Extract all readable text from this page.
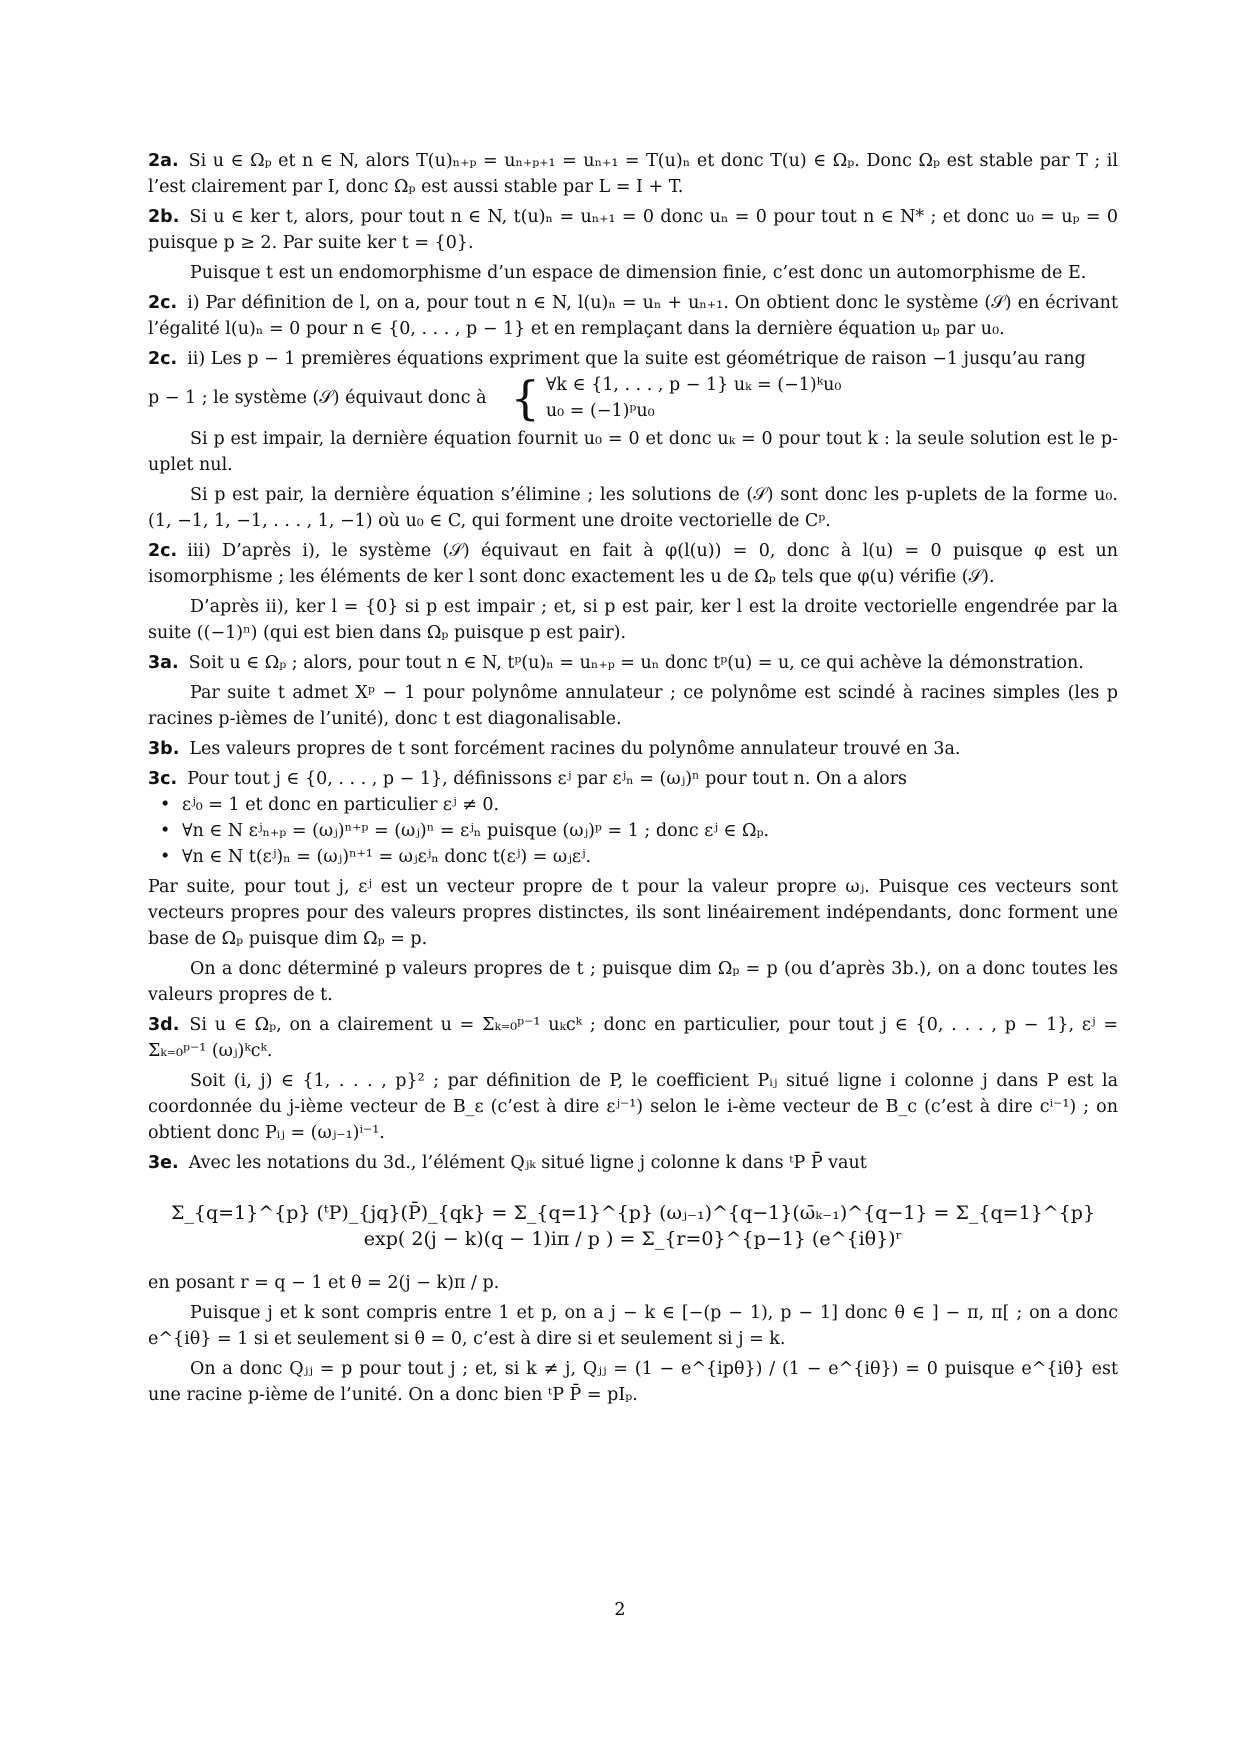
2a. Si u ∈ Ωₚ et n ∈ N, alors T(u)ₙ₊ₚ = uₙ₊ₚ₊₁ = uₙ₊₁ = T(u)ₙ et donc T(u) ∈ Ωₚ. Donc Ωₚ est stable par T ; il l’est clairement par I, donc Ωₚ est aussi stable par L = I + T.

2b. Si u ∈ ker t, alors, pour tout n ∈ N, t(u)ₙ = uₙ₊₁ = 0 donc uₙ = 0 pour tout n ∈ N* ; et donc u₀ = uₚ = 0 puisque p ≥ 2. Par suite ker t = {0}.

Puisque t est un endomorphisme d’un espace de dimension finie, c’est donc un automorphisme de E.

2c. i) Par définition de l, on a, pour tout n ∈ N, l(u)ₙ = uₙ + uₙ₊₁. On obtient donc le système (𝒮) en écrivant l’égalité l(u)ₙ = 0 pour n ∈ {0, . . . , p − 1} et en remplaçant dans la dernière équation uₚ par u₀.

2c. ii) Les p − 1 premières équations expriment que la suite est géométrique de raison −1 jusqu’au rang

p − 1 ; le système (𝒮) équivaut donc à { ∀k ∈ {1, . . . , p − 1} uₖ = (−1)ᵏu₀
u₀ = (−1)ᵖu₀

Si p est impair, la dernière équation fournit u₀ = 0 et donc uₖ = 0 pour tout k : la seule solution est le p-uplet nul.

Si p est pair, la dernière équation s’élimine ; les solutions de (𝒮) sont donc les p-uplets de la forme u₀.(1, −1, 1, −1, . . . , 1, −1) où u₀ ∈ C, qui forment une droite vectorielle de Cᵖ.

2c. iii) D’après i), le système (𝒮) équivaut en fait à φ(l(u)) = 0, donc à l(u) = 0 puisque φ est un isomorphisme ; les éléments de ker l sont donc exactement les u de Ωₚ tels que φ(u) vérifie (𝒮).

D’après ii), ker l = {0} si p est impair ; et, si p est pair, ker l est la droite vectorielle engendrée par la suite ((−1)ⁿ) (qui est bien dans Ωₚ puisque p est pair).

3a. Soit u ∈ Ωₚ ; alors, pour tout n ∈ N, tᵖ(u)ₙ = uₙ₊ₚ = uₙ donc tᵖ(u) = u, ce qui achève la démonstration.

Par suite t admet Xᵖ − 1 pour polynôme annulateur ; ce polynôme est scindé à racines simples (les p racines p-ièmes de l’unité), donc t est diagonalisable.

3b. Les valeurs propres de t sont forcément racines du polynôme annulateur trouvé en 3a.

3c. Pour tout j ∈ {0, . . . , p − 1}, définissons εʲ par εʲₙ = (ωⱼ)ⁿ pour tout n. On a alors

• εʲ₀ = 1 et donc en particulier εʲ ≠ 0.
• ∀n ∈ N εʲₙ₊ₚ = (ωⱼ)ⁿ⁺ᵖ = (ωⱼ)ⁿ = εʲₙ puisque (ωⱼ)ᵖ = 1 ; donc εʲ ∈ Ωₚ.
• ∀n ∈ N t(εʲ)ₙ = (ωⱼ)ⁿ⁺¹ = ωⱼεʲₙ donc t(εʲ) = ωⱼεʲ.

Par suite, pour tout j, εʲ est un vecteur propre de t pour la valeur propre ωⱼ. Puisque ces vecteurs sont vecteurs propres pour des valeurs propres distinctes, ils sont linéairement indépendants, donc forment une base de Ωₚ puisque dim Ωₚ = p.

On a donc déterminé p valeurs propres de t ; puisque dim Ωₚ = p (ou d’après 3b.), on a donc toutes les valeurs propres de t.

3d. Si u ∈ Ωₚ, on a clairement u = Σₖ₌₀ᵖ⁻¹ uₖcᵏ ; donc en particulier, pour tout j ∈ {0, . . . , p − 1}, εʲ = Σₖ₌₀ᵖ⁻¹ (ωⱼ)ᵏcᵏ.

Soit (i, j) ∈ {1, . . . , p}² ; par définition de P, le coefficient Pᵢⱼ situé ligne i colonne j dans P est la coordonnée du j-ième vecteur de B_ε (c’est à dire εʲ⁻¹) selon le i-ème vecteur de B_c (c’est à dire cⁱ⁻¹) ; on obtient donc Pᵢⱼ = (ωⱼ₋₁)ⁱ⁻¹.

3e. Avec les notations du 3d., l’élément Qⱼₖ situé ligne j colonne k dans ᵗP P̄ vaut

Σ_{q=1}^{p} (ᵗP)_{jq}(P̄)_{qk} = Σ_{q=1}^{p} (ωⱼ₋₁)^{q−1}(ω̄ₖ₋₁)^{q−1} = Σ_{q=1}^{p} exp( 2(j − k)(q − 1)iπ / p ) = Σ_{r=0}^{p−1} (e^{iθ})ʳ

en posant r = q − 1 et θ = 2(j − k)π / p.

Puisque j et k sont compris entre 1 et p, on a j − k ∈ [−(p − 1), p − 1] donc θ ∈ ] − π, π[ ; on a donc e^{iθ} = 1 si et seulement si θ = 0, c’est à dire si et seulement si j = k.

On a donc Qⱼⱼ = p pour tout j ; et, si k ≠ j, Qⱼⱼ = (1 − e^{ipθ}) / (1 − e^{iθ}) = 0 puisque e^{iθ} est une racine p-ième de l’unité. On a donc bien ᵗP P̄ = pIₚ.

2
